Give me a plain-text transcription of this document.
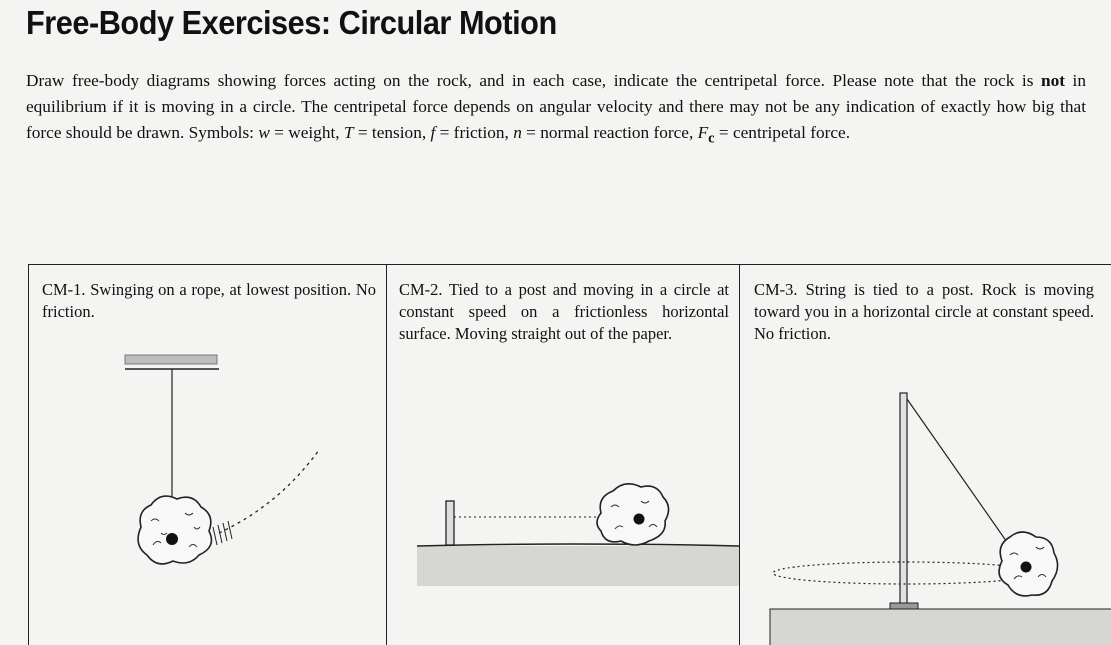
Free-Body Exercises: Circular Motion
Draw free-body diagrams showing forces acting on the rock, and in each case, indicate the centripetal force. Please note that the rock is not in equilibrium if it is moving in a circle. The centripetal force depends on angular velocity and there may not be any indication of exactly how big that force should be drawn. Symbols: w = weight, T = tension, f = friction, n = normal reaction force, $F_c$ = centripetal force.
CM-1. Swinging on a rope, at lowest position. No friction.
CM-2. Tied to a post and moving in a circle at constant speed on a frictionless horizontal surface. Moving straight out of the paper.
CM-3. String is tied to a post. Rock is moving toward you in a horizontal circle at constant speed. No friction.
